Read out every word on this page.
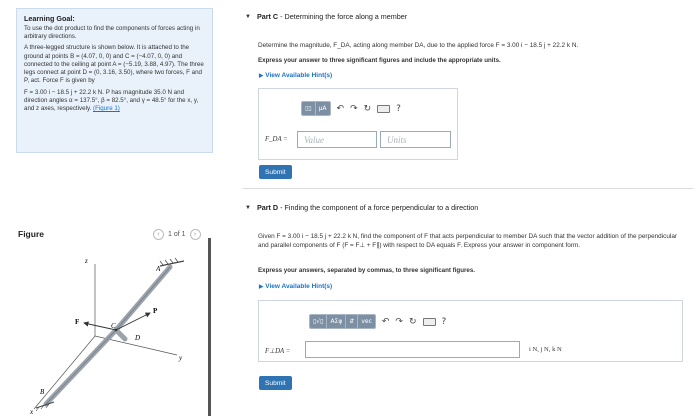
Learning Goal:

To use the dot product to find the components of forces acting in arbitrary directions.

A three-legged structure is shown below. It is attached to the ground at points B = (4.07, 0, 0) and C = (−4.07, 0, 0) and connected to the ceiling at point A = (−5.19, 3.88, 4.97). The three legs connect at point D = (0, 3.16, 3.50), where two forces, F and P, act. Force F is given by

F = 3.00 i − 18.5 j + 22.2 k N. P has magnitude 35.0 N and direction angles α = 137.5°, β = 82.5°, and γ = 48.5° for the x, y, and z axes, respectively. (Figure 1)

Figure	‹	1 of 1	›
z
y
x
A
B
C
D
F
P
▼ Part C - Determining the force along a member
Determine the magnitude, F_DA, acting along member DA, due to the applied force F = 3.00 i − 18.5 j + 22.2 k N.
Express your answer to three significant figures and include the appropriate units.
▶ View Available Hint(s)
▯▯	μA	↶ ↷ ↻	?
F_DA =
Value
Units
Submit
▼ Part D - Finding the component of a force perpendicular to a direction
Given F = 3.00 i − 18.5 j + 22.2 k N, find the component of F that acts perpendicular to member DA such that the vector addition of the perpendicular and parallel components of F (F = F⊥ + F∥) with respect to DA equals F. Express your answer in component form.
Express your answers, separated by commas, to three significant figures.
▶ View Available Hint(s)
▯√▯	ΑΣφ	⇵	vec	↶ ↷ ↻	?
F⊥DA =	i N, j N, k N
Submit
